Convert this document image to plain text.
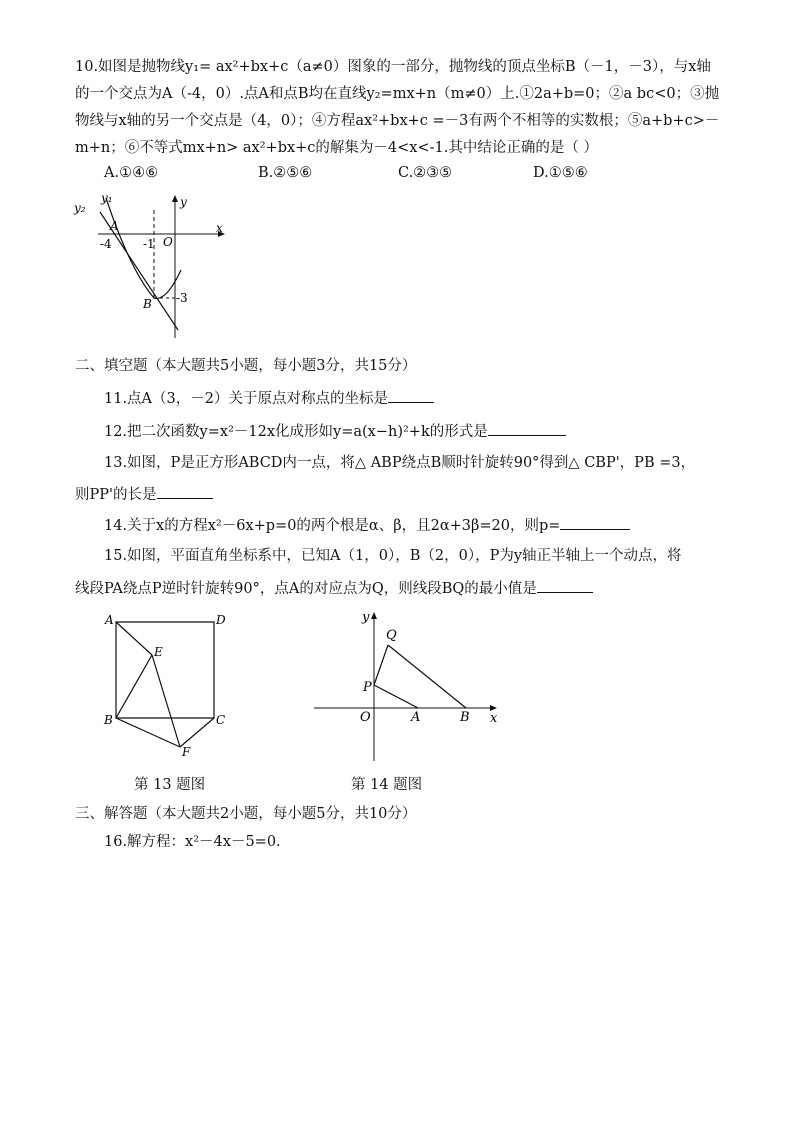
10.如图是抛物线y₁= ax²+bx+c（a≠0）图象的一部分，抛物线的顶点坐标B（－1，－3），与x轴
的一个交点为A（-4，0）.点A和点B均在直线y₂=mx+n（m≠0）上.①2a+b=0；②a bc<0；③抛
物线与x轴的另一个交点是（4，0）；④方程ax²+bx+c =－3有两个不相等的实数根；⑤a+b+c>－
m+n；⑥不等式mx+n> ax²+bx+c的解集为－4<x<-1.其中结论正确的是（ ）
A.①④⑥	B.②⑤⑥	C.②③⑤	D.①⑤⑥
y₂
y₁	y
x
A
O
-4	-1
B -3
二、填空题（本大题共5小题，每小题3分，共15分）
11.点A（3，－2）关于原点对称点的坐标是
12.把二次函数y=x²－12x化成形如y=a(x−h)²+k的形式是
13.如图，P是正方形ABCD内一点，将△ ABP绕点B顺时针旋转90°得到△ CBP'，PB =3，
则PP'的长是
14.关于x的方程x²－6x+p=0的两个根是α、β，且2α+3β=20，则p=
15.如图，平面直角坐标系中，已知A（1，0），B（2，0），P为y轴正半轴上一个动点，将
线段PA绕点P逆时针旋转90°，点A的对应点为Q，则线段BQ的最小值是
A	D
E
B	C
F
第 13 题图
y
x
Q
P
O	A	B
第 14 题图
三、解答题（本大题共2小题，每小题5分，共10分）
16.解方程：x²－4x－5=0.
